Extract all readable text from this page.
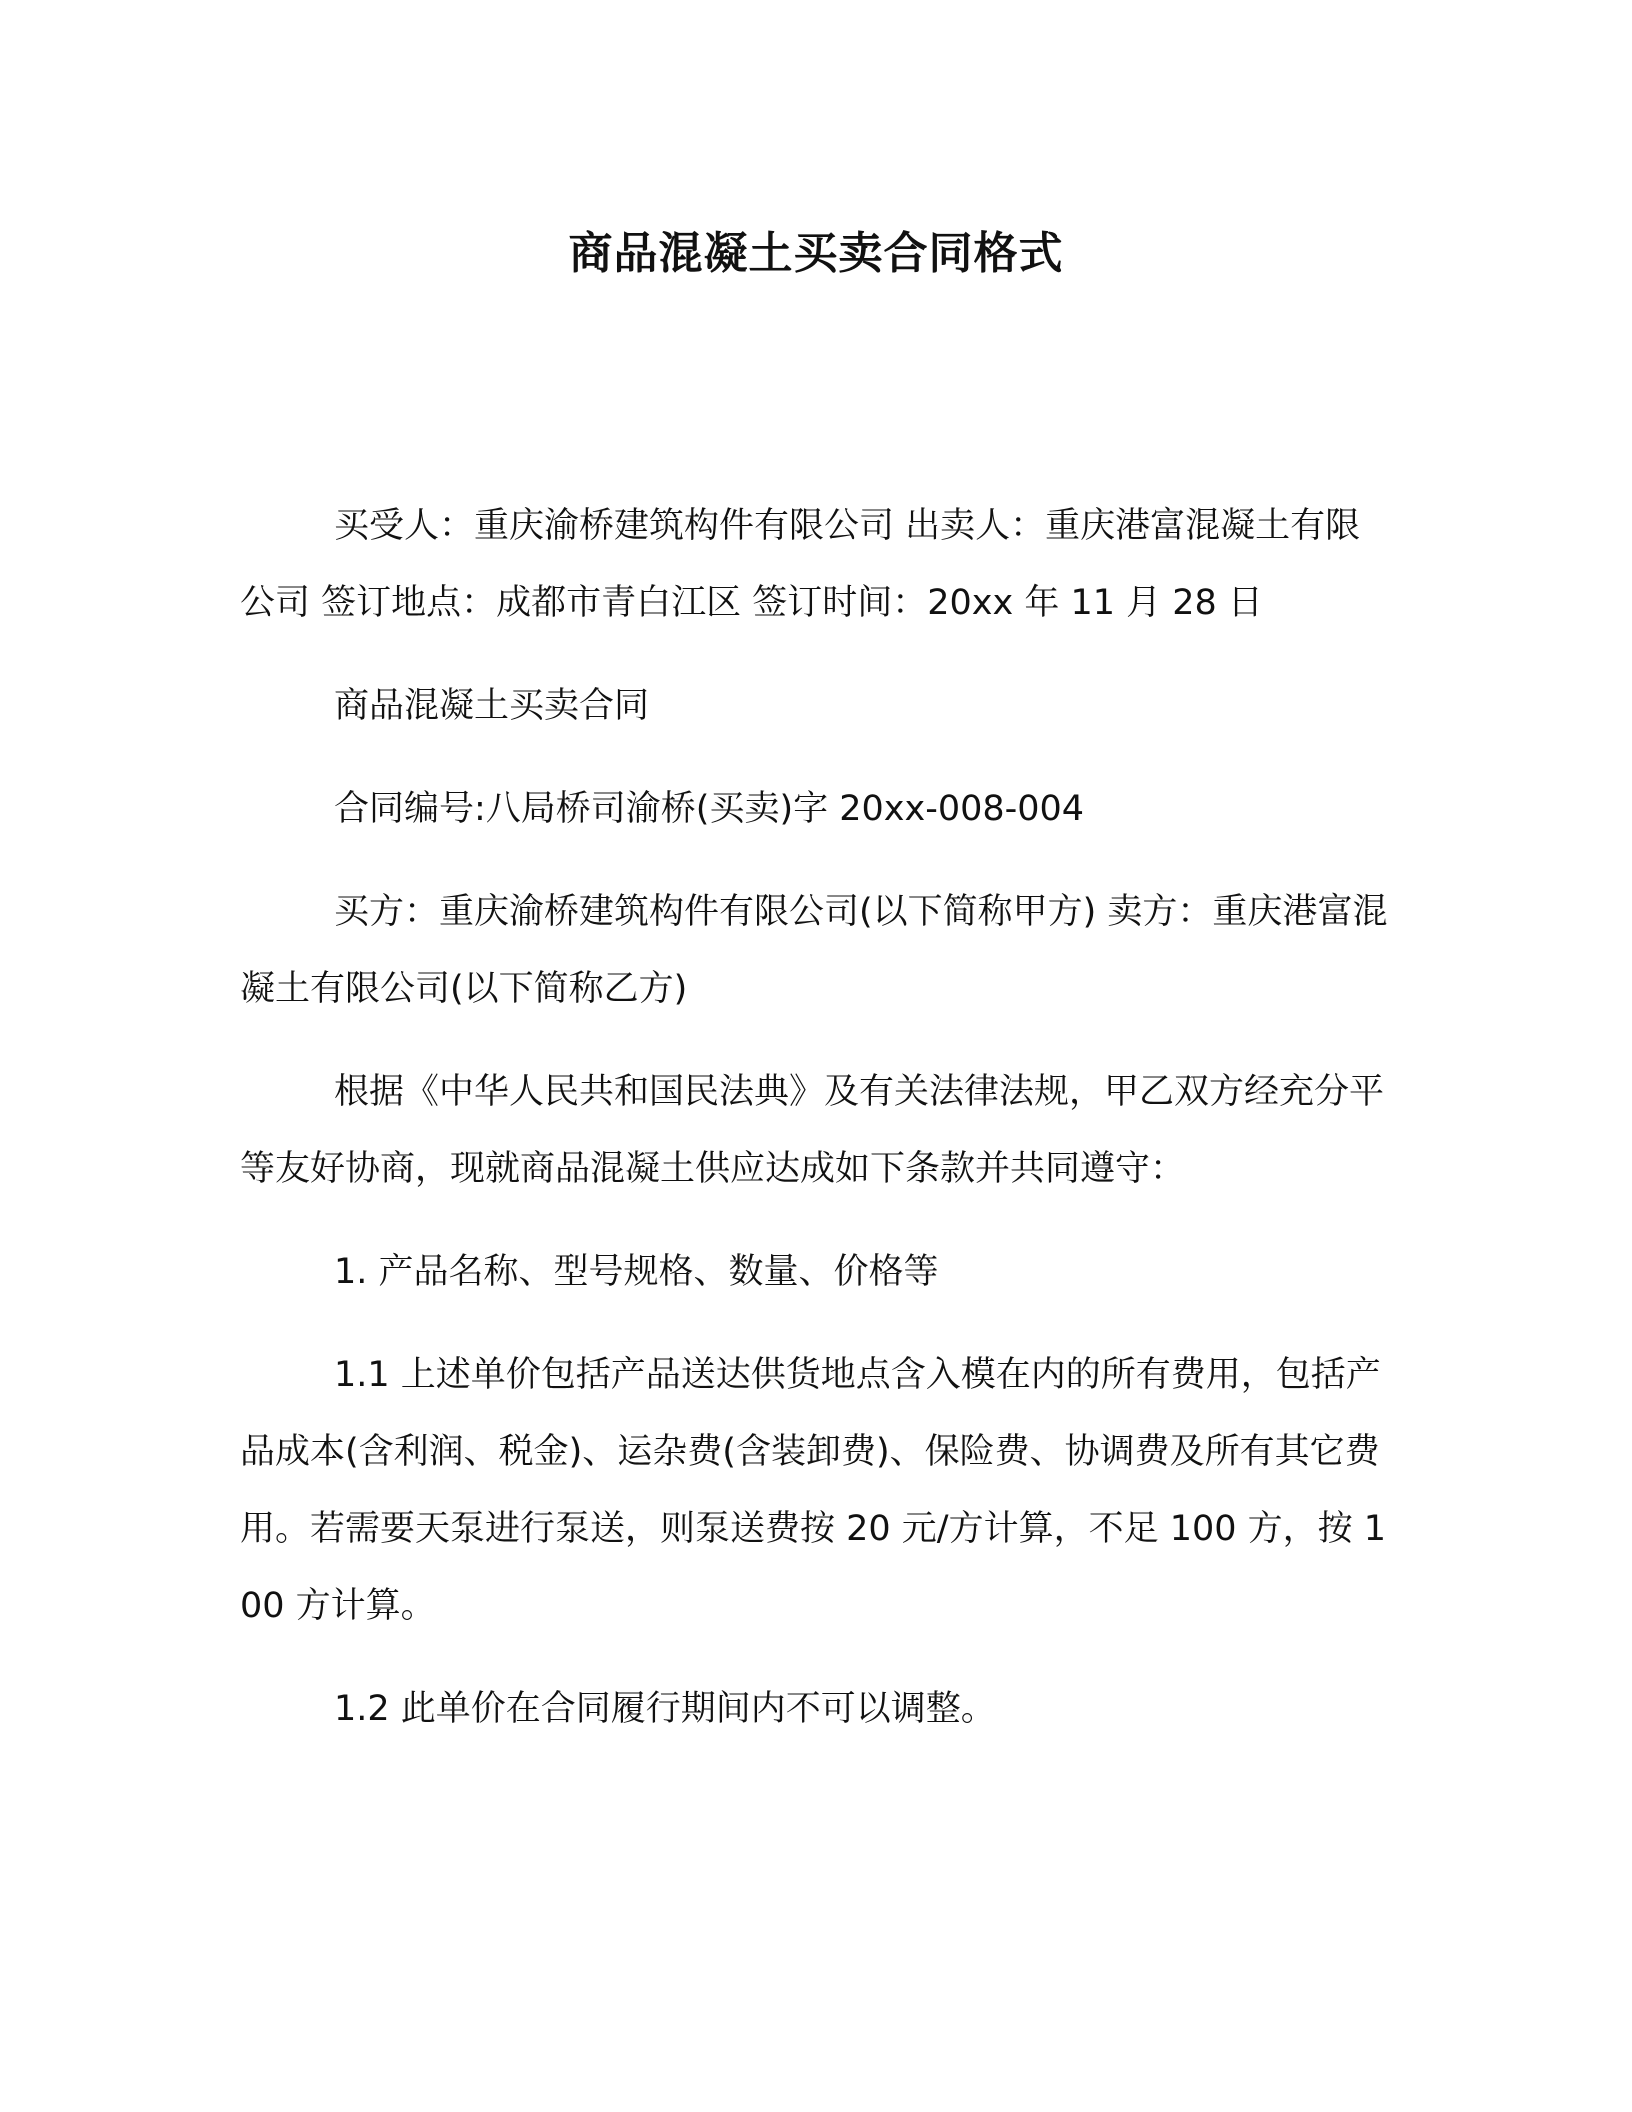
商品混凝土买卖合同格式

买受人：重庆渝桥建筑构件有限公司 出卖人：重庆港富混凝土有限公司 签订地点：成都市青白江区 签订时间：20xx 年 11 月 28 日

商品混凝土买卖合同

合同编号:八局桥司渝桥(买卖)字 20xx-008-004

买方：重庆渝桥建筑构件有限公司(以下简称甲方) 卖方：重庆港富混凝土有限公司(以下简称乙方)

根据《中华人民共和国民法典》及有关法律法规，甲乙双方经充分平等友好协商，现就商品混凝土供应达成如下条款并共同遵守：

1. 产品名称、型号规格、数量、价格等

1.1 上述单价包括产品送达供货地点含入模在内的所有费用，包括产品成本(含利润、税金)、运杂费(含装卸费)、保险费、协调费及所有其它费用。若需要天泵进行泵送，则泵送费按 20 元/方计算，不足 100 方，按 100 方计算。

1.2 此单价在合同履行期间内不可以调整。
